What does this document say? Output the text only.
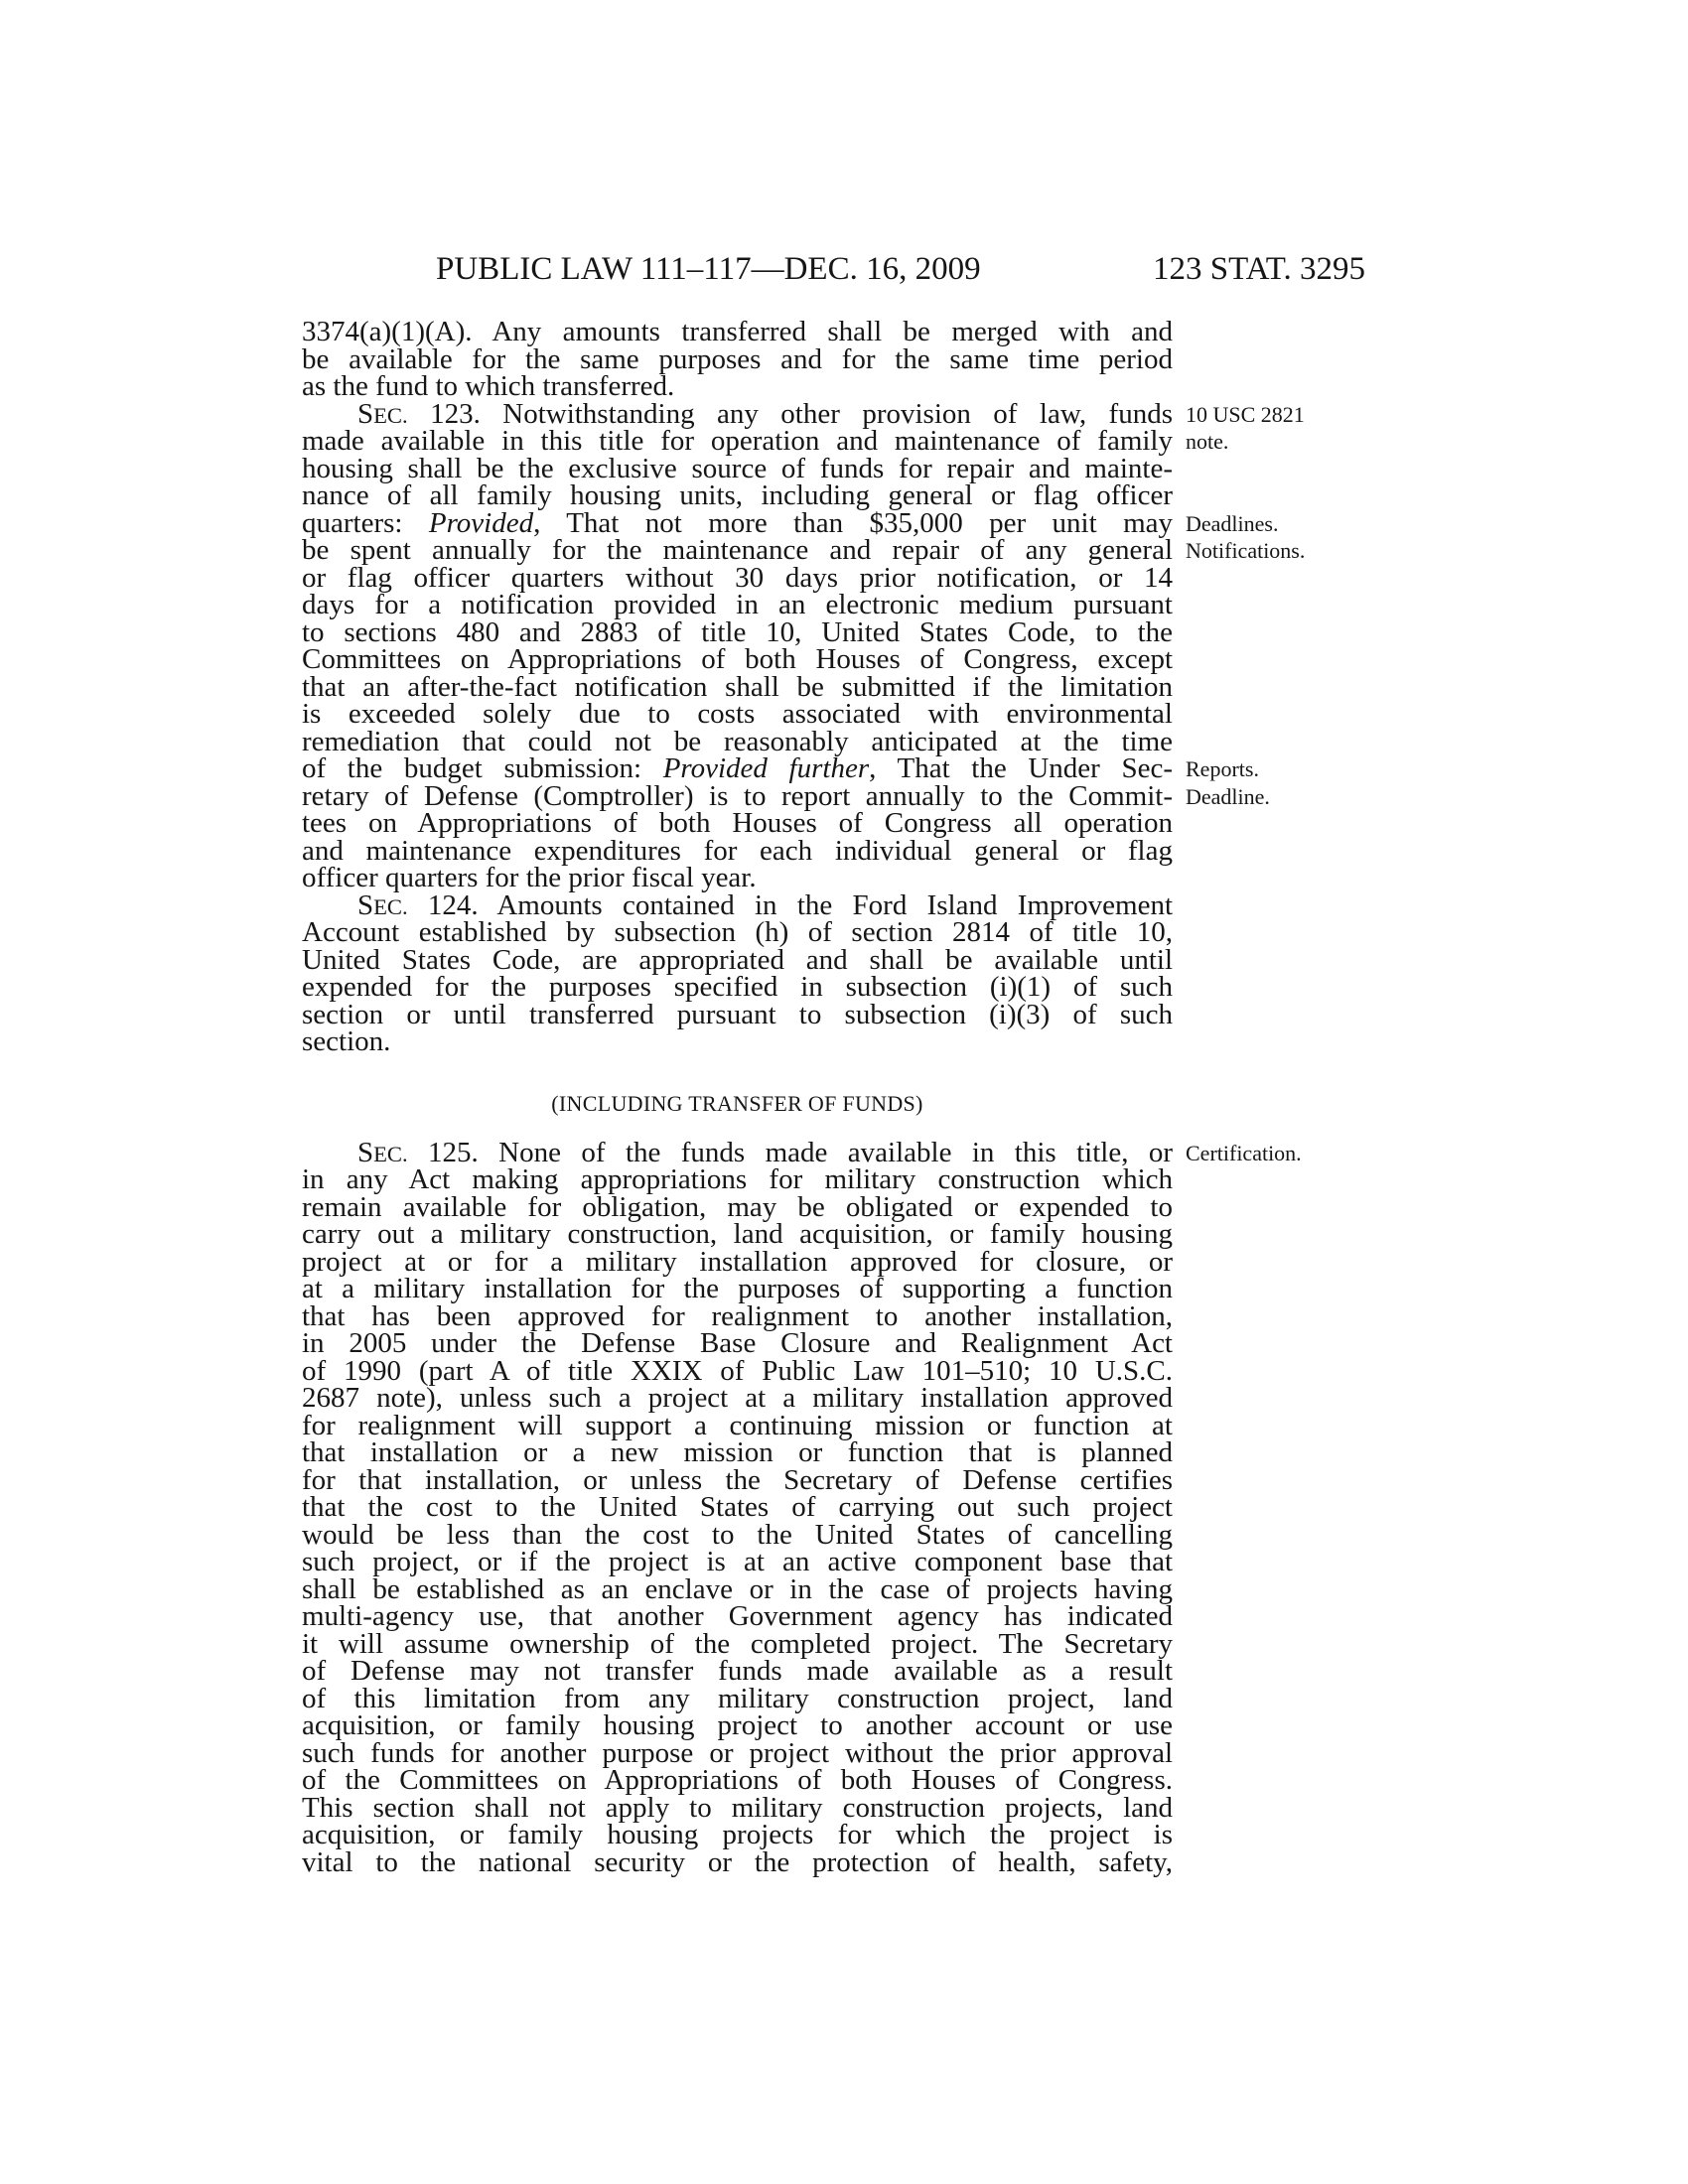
PUBLIC LAW 111–117—DEC. 16, 2009	123 STAT. 3295
3374(a)(1)(A). Any amounts transferred shall be merged with and
be available for the same purposes and for the same time period
as the fund to which transferred.
SEC. 123. Notwithstanding any other provision of law, funds 10 USC 2821
made available in this title for operation and maintenance of family note.
housing shall be the exclusive source of funds for repair and mainte-
nance of all family housing units, including general or flag officer
quarters: Provided, That not more than $35,000 per unit may Deadlines.
be spent annually for the maintenance and repair of any general Notifications.
or flag officer quarters without 30 days prior notification, or 14
days for a notification provided in an electronic medium pursuant
to sections 480 and 2883 of title 10, United States Code, to the
Committees on Appropriations of both Houses of Congress, except
that an after-the-fact notification shall be submitted if the limitation
is exceeded solely due to costs associated with environmental
remediation that could not be reasonably anticipated at the time
of the budget submission: Provided further, That the Under Sec- Reports.
retary of Defense (Comptroller) is to report annually to the Commit- Deadline.
tees on Appropriations of both Houses of Congress all operation
and maintenance expenditures for each individual general or flag
officer quarters for the prior fiscal year.
SEC. 124. Amounts contained in the Ford Island Improvement
Account established by subsection (h) of section 2814 of title 10,
United States Code, are appropriated and shall be available until
expended for the purposes specified in subsection (i)(1) of such
section or until transferred pursuant to subsection (i)(3) of such
section.
(INCLUDING TRANSFER OF FUNDS)
SEC. 125. None of the funds made available in this title, or Certification.
in any Act making appropriations for military construction which
remain available for obligation, may be obligated or expended to
carry out a military construction, land acquisition, or family housing
project at or for a military installation approved for closure, or
at a military installation for the purposes of supporting a function
that has been approved for realignment to another installation,
in 2005 under the Defense Base Closure and Realignment Act
of 1990 (part A of title XXIX of Public Law 101–510; 10 U.S.C.
2687 note), unless such a project at a military installation approved
for realignment will support a continuing mission or function at
that installation or a new mission or function that is planned
for that installation, or unless the Secretary of Defense certifies
that the cost to the United States of carrying out such project
would be less than the cost to the United States of cancelling
such project, or if the project is at an active component base that
shall be established as an enclave or in the case of projects having
multi-agency use, that another Government agency has indicated
it will assume ownership of the completed project. The Secretary
of Defense may not transfer funds made available as a result
of this limitation from any military construction project, land
acquisition, or family housing project to another account or use
such funds for another purpose or project without the prior approval
of the Committees on Appropriations of both Houses of Congress.
This section shall not apply to military construction projects, land
acquisition, or family housing projects for which the project is
vital to the national security or the protection of health, safety,
